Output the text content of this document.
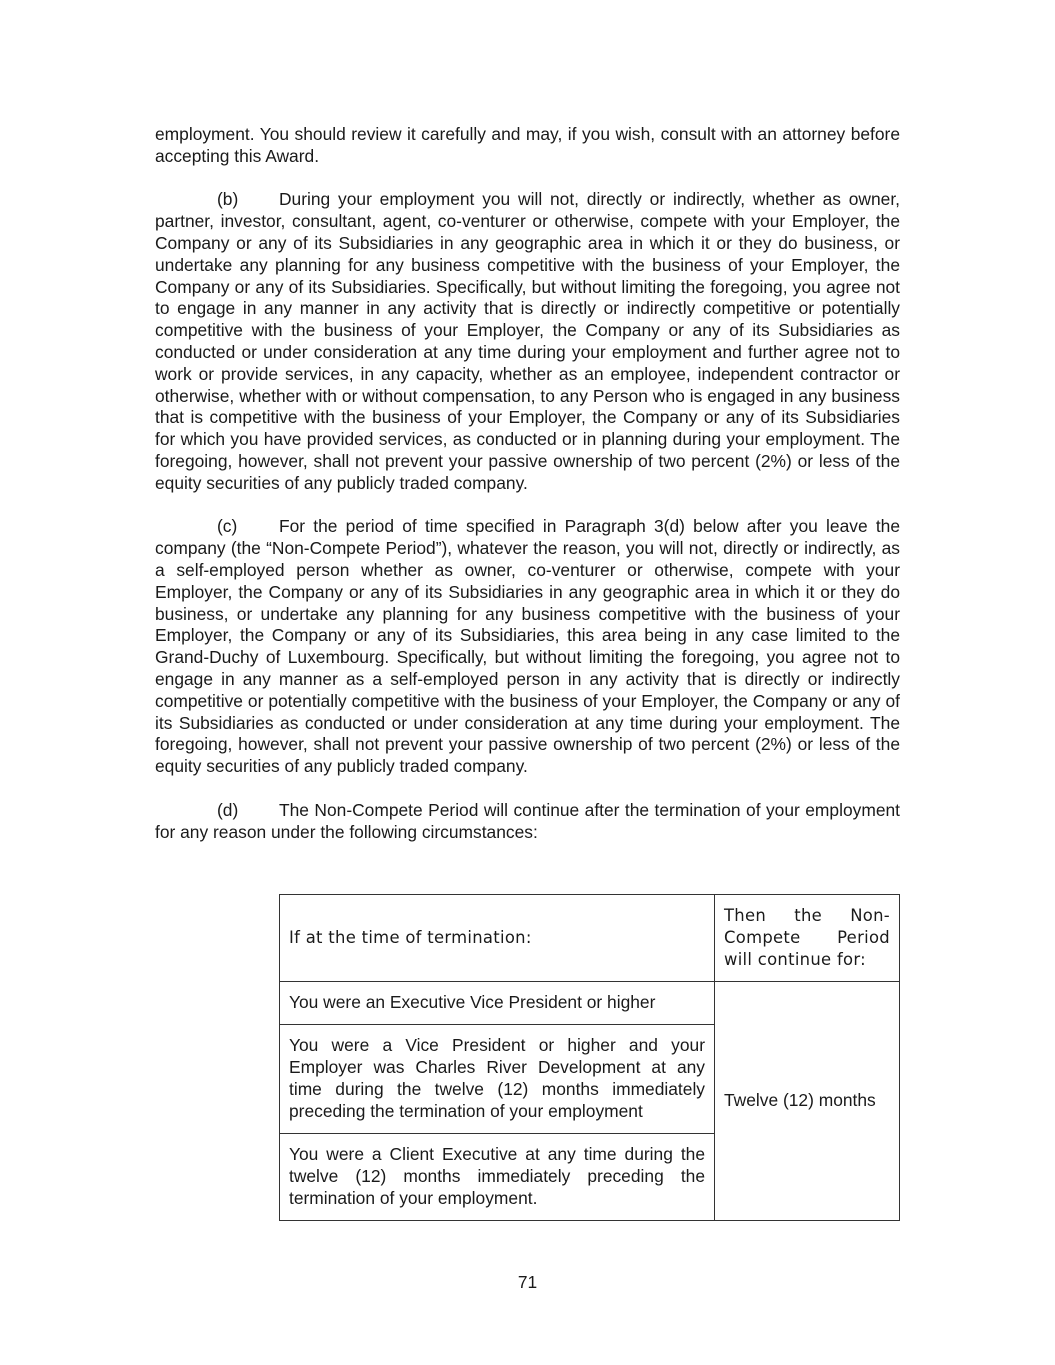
employment. You should review it carefully and may, if you wish, consult with an attorney before accepting this Award.

(b) During your employment you will not, directly or indirectly, whether as owner, partner, investor, consultant, agent, co-venturer or otherwise, compete with your Employer, the Company or any of its Subsidiaries in any geographic area in which it or they do business, or undertake any planning for any business competitive with the business of your Employer, the Company or any of its Subsidiaries. Specifically, but without limiting the foregoing, you agree not to engage in any manner in any activity that is directly or indirectly competitive or potentially competitive with the business of your Employer, the Company or any of its Subsidiaries as conducted or under consideration at any time during your employment and further agree not to work or provide services, in any capacity, whether as an employee, independent contractor or otherwise, whether with or without compensation, to any Person who is engaged in any business that is competitive with the business of your Employer, the Company or any of its Subsidiaries for which you have provided services, as conducted or in planning during your employment. The foregoing, however, shall not prevent your passive ownership of two percent (2%) or less of the equity securities of any publicly traded company.

(c) For the period of time specified in Paragraph 3(d) below after you leave the company (the “Non-Compete Period”), whatever the reason, you will not, directly or indirectly, as a self-employed person whether as owner, co-venturer or otherwise, compete with your Employer, the Company or any of its Subsidiaries in any geographic area in which it or they do business, or undertake any planning for any business competitive with the business of your Employer, the Company or any of its Subsidiaries, this area being in any case limited to the Grand-Duchy of Luxembourg. Specifically, but without limiting the foregoing, you agree not to engage in any manner as a self-employed person in any activity that is directly or indirectly competitive or potentially competitive with the business of your Employer, the Company or any of its Subsidiaries as conducted or under consideration at any time during your employment. The foregoing, however, shall not prevent your passive ownership of two percent (2%) or less of the equity securities of any publicly traded company.

(d) The Non-Compete Period will continue after the termination of your employment for any reason under the following circumstances:

If at the time of termination:	Then the Non-Compete Period will continue for:
You were an Executive Vice President or higher	Twelve (12) months
You were a Vice President or higher and your Employer was Charles River Development at any time during the twelve (12) months immediately preceding the termination of your employment	
You were a Client Executive at any time during the twelve (12) months immediately preceding the termination of your employment.	
71
